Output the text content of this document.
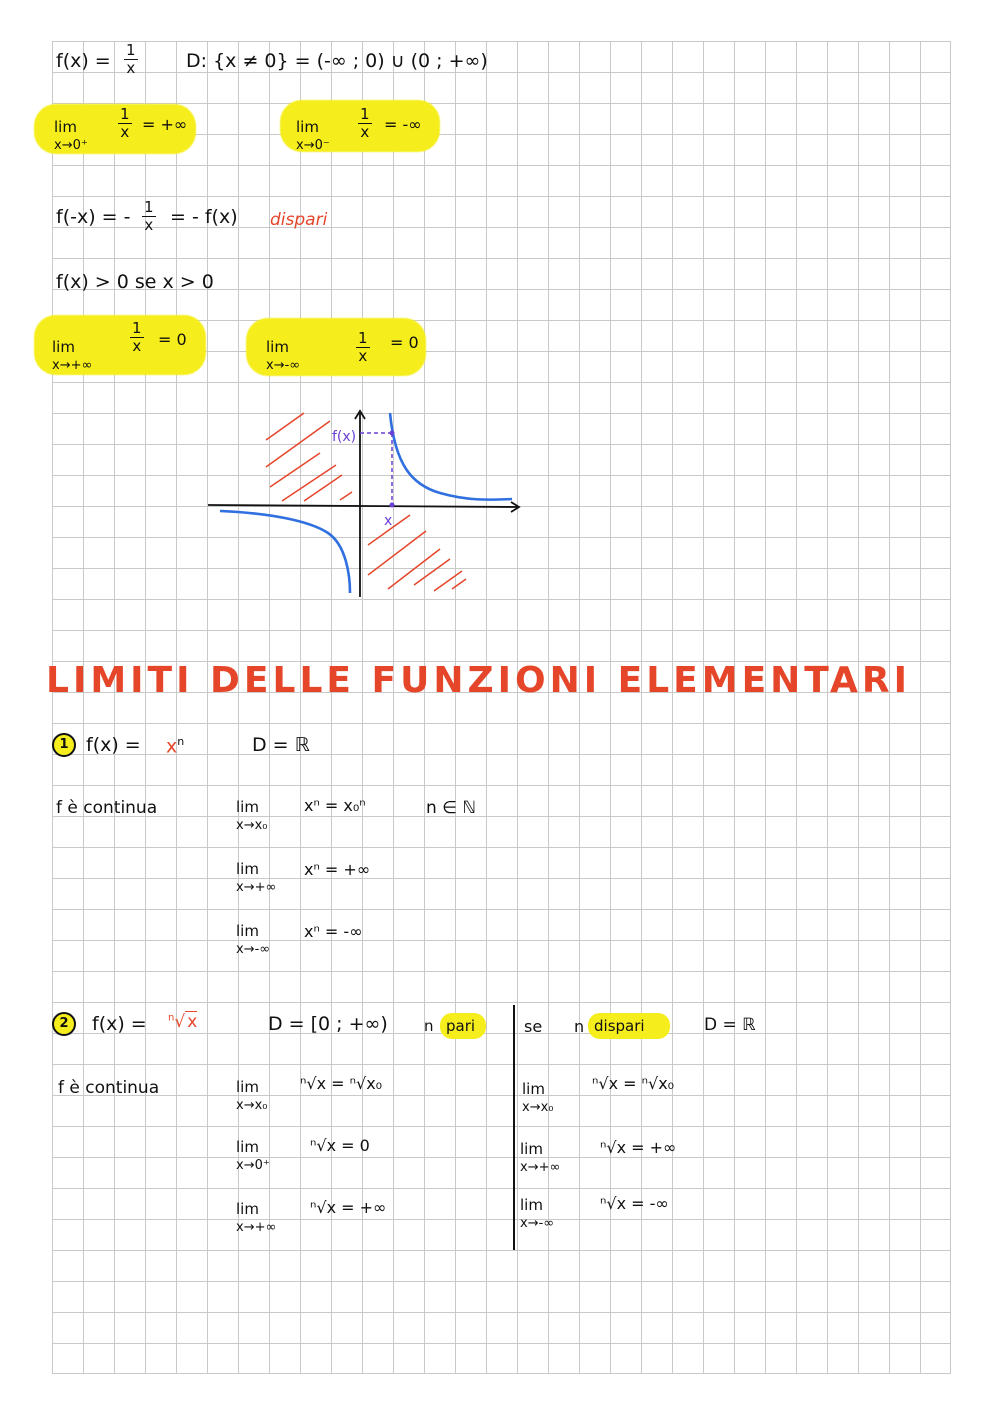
$f(x) = \frac{1}{x}$	D: {x ≠ 0} = (-∞ ; 0) ∪ (0 ; +∞)
lim
x→0⁺
$\frac{1}{x}$ = +∞	lim
x→0⁻
$\frac{1}{x}$ = -∞
f(-x) = - $\frac{1}{x}$ = - f(x) dispari
f(x) > 0 se x > 0
lim
x→+∞
$\frac{1}{x} = 0$	lim
x→-∞
$\frac{1}{x} = 0$
f(x)
x
LIMITI DELLE FUNZIONI ELEMENTARI
1 $f(x) = x^n$	D = ℝ
f è continua	n ∈ ℕ
lim
x→x₀
xⁿ = x₀ⁿ
lim
x→+∞
xⁿ = +∞
lim
x→-∞
xⁿ = -∞
2	f(x) = $^n$√ x	D = [0 ; +∞) n pari
f è continua	lim
x→x₀
ⁿ√x = ⁿ√x₀
lim
x→0⁺
ⁿ√x = 0
lim
x→+∞
ⁿ√x = +∞
se n dispari	D = ℝ
lim
x→x₀
ⁿ√x = ⁿ√x₀
lim
x→+∞
ⁿ√x = +∞
lim
x→-∞
ⁿ√x = -∞
